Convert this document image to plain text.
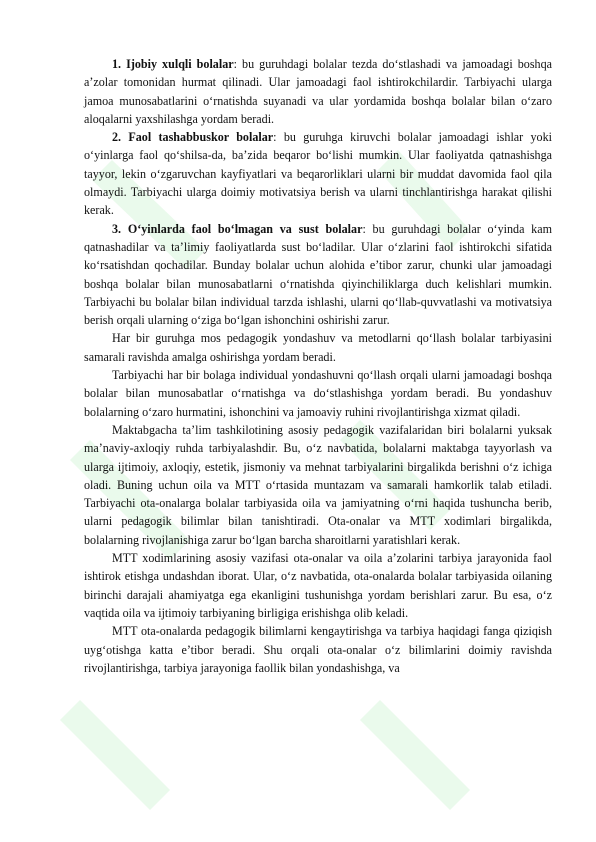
1. Ijobiy xulqli bolalar: bu guruhdagi bolalar tezda do‘stlashadi va jamoadagi boshqa a’zolar tomonidan hurmat qilinadi. Ular jamoadagi faol ishtirokchilardir. Tarbiyachi ularga jamoa munosabatlarini o‘rnatishda suyanadi va ular yordamida boshqa bolalar bilan o‘zaro aloqalarni yaxshilashga yordam beradi.

2. Faol tashabbuskor bolalar: bu guruhga kiruvchi bolalar jamoadagi ishlar yoki o‘yinlarga faol qo‘shilsa-da, ba’zida beqaror bo‘lishi mumkin. Ular faoliyatda qatnashishga tayyor, lekin o‘zgaruvchan kayfiyatlari va beqarorliklari ularni bir muddat davomida faol qila olmaydi. Tarbiyachi ularga doimiy motivatsiya berish va ularni tinchlantirishga harakat qilishi kerak.

3. O‘yinlarda faol bo‘lmagan va sust bolalar: bu guruhdagi bolalar o‘yinda kam qatnashadilar va ta’limiy faoliyatlarda sust bo‘ladilar. Ular o‘zlarini faol ishtirokchi sifatida ko‘rsatishdan qochadilar. Bunday bolalar uchun alohida e’tibor zarur, chunki ular jamoadagi boshqa bolalar bilan munosabatlarni o‘rnatishda qiyinchiliklarga duch kelishlari mumkin. Tarbiyachi bu bolalar bilan individual tarzda ishlashi, ularni qo‘llab-quvvatlashi va motivatsiya berish orqali ularning o‘ziga bo‘lgan ishonchini oshirishi zarur.

Har bir guruhga mos pedagogik yondashuv va metodlarni qo‘llash bolalar tarbiyasini samarali ravishda amalga oshirishga yordam beradi.

Tarbiyachi har bir bolaga individual yondashuvni qo‘llash orqali ularni jamoadagi boshqa bolalar bilan munosabatlar o‘rnatishga va do‘stlashishga yordam beradi. Bu yondashuv bolalarning o‘zaro hurmatini, ishonchini va jamoaviy ruhini rivojlantirishga xizmat qiladi.

Maktabgacha ta’lim tashkilotining asosiy pedagogik vazifalaridan biri bolalarni yuksak ma’naviy-axloqiy ruhda tarbiyalashdir. Bu, o‘z navbatida, bolalarni maktabga tayyorlash va ularga ijtimoiy, axloqiy, estetik, jismoniy va mehnat tarbiyalarini birgalikda berishni o‘z ichiga oladi. Buning uchun oila va MTT o‘rtasida muntazam va samarali hamkorlik talab etiladi. Tarbiyachi ota-onalarga bolalar tarbiyasida oila va jamiyatning o‘rni haqida tushuncha berib, ularni pedagogik bilimlar bilan tanishtiradi. Ota-onalar va MTT xodimlari birgalikda, bolalarning rivojlanishiga zarur bo‘lgan barcha sharoitlarni yaratishlari kerak.

MTT xodimlarining asosiy vazifasi ota-onalar va oila a’zolarini tarbiya jarayonida faol ishtirok etishga undashdan iborat. Ular, o‘z navbatida, ota-onalarda bolalar tarbiyasida oilaning birinchi darajali ahamiyatga ega ekanligini tushunishga yordam berishlari zarur. Bu esa, o‘z vaqtida oila va ijtimoiy tarbiyaning birligiga erishishga olib keladi.

MTT ota-onalarda pedagogik bilimlarni kengaytirishga va tarbiya haqidagi fanga qiziqish uyg‘otishga katta e’tibor beradi. Shu orqali ota-onalar o‘z bilimlarini doimiy ravishda rivojlantirishga, tarbiya jarayoniga faollik bilan yondashishga, va
